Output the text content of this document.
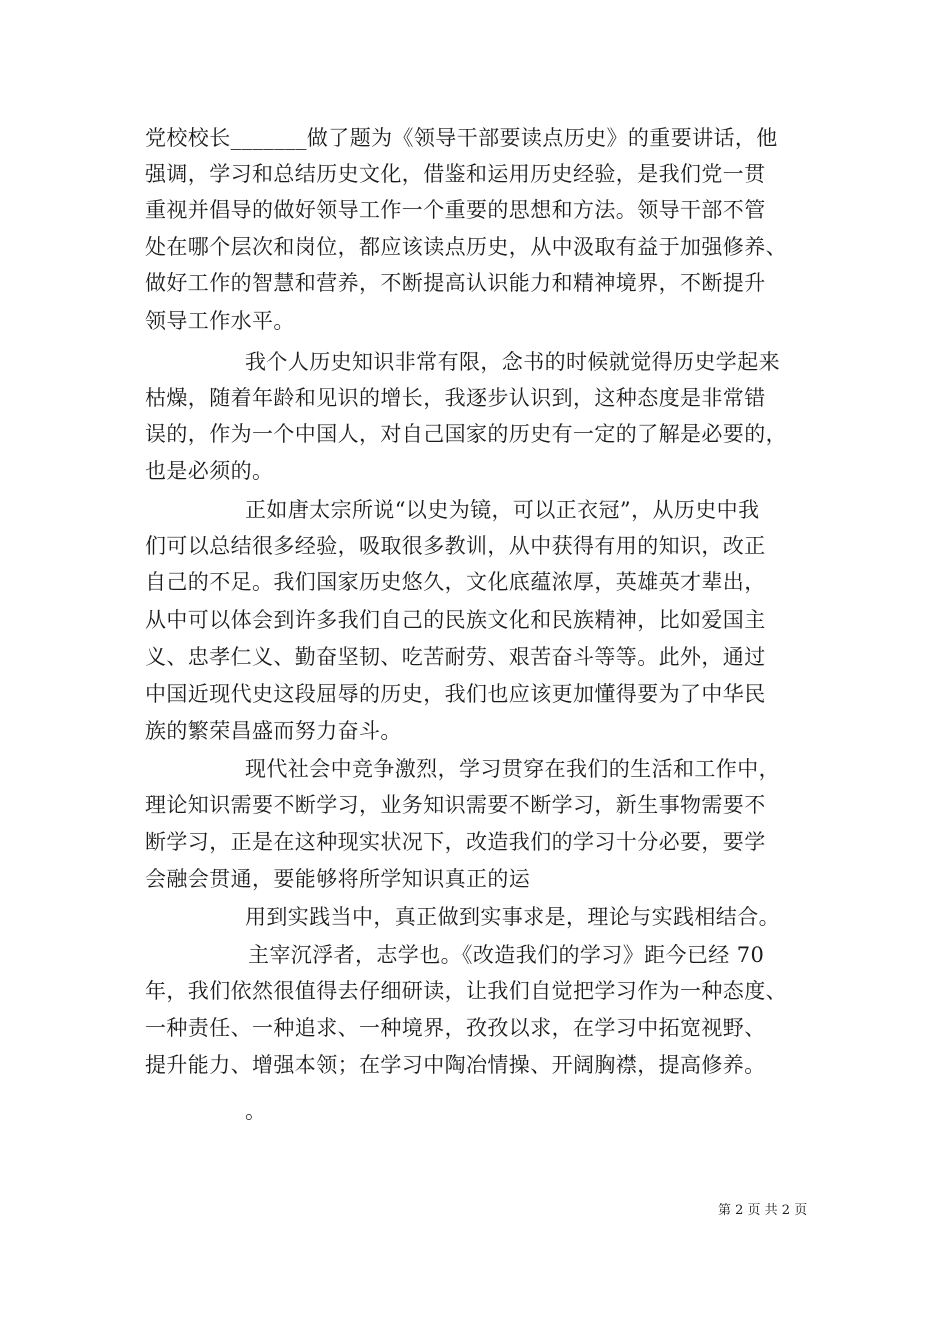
党校校长_______做了题为《领导干部要读点历史》的重要讲话，他
强调，学习和总结历史文化，借鉴和运用历史经验，是我们党一贯
重视并倡导的做好领导工作一个重要的思想和方法。领导干部不管
处在哪个层次和岗位，都应该读点历史，从中汲取有益于加强修养、
做好工作的智慧和营养，不断提高认识能力和精神境界，不断提升
领导工作水平。
我个人历史知识非常有限，念书的时候就觉得历史学起来
枯燥，随着年龄和见识的增长，我逐步认识到，这种态度是非常错
误的，作为一个中国人，对自己国家的历史有一定的了解是必要的，
也是必须的。
正如唐太宗所说“以史为镜，可以正衣冠”，从历史中我
们可以总结很多经验，吸取很多教训，从中获得有用的知识，改正
自己的不足。我们国家历史悠久，文化底蕴浓厚，英雄英才辈出，
从中可以体会到许多我们自己的民族文化和民族精神，比如爱国主
义、忠孝仁义、勤奋坚韧、吃苦耐劳、艰苦奋斗等等。此外，通过
中国近现代史这段屈辱的历史，我们也应该更加懂得要为了中华民
族的繁荣昌盛而努力奋斗。
现代社会中竞争激烈，学习贯穿在我们的生活和工作中，
理论知识需要不断学习，业务知识需要不断学习，新生事物需要不
断学习，正是在这种现实状况下，改造我们的学习十分必要，要学
会融会贯通，要能够将所学知识真正的运
用到实践当中，真正做到实事求是，理论与实践相结合。
主宰沉浮者，志学也。《改造我们的学习》距今已经 70
年，我们依然很值得去仔细研读，让我们自觉把学习作为一种态度、
一种责任、一种追求、一种境界，孜孜以求，在学习中拓宽视野、
提升能力、增强本领；在学习中陶冶情操、开阔胸襟，提高修养。
。
第 2 页 共 2 页
